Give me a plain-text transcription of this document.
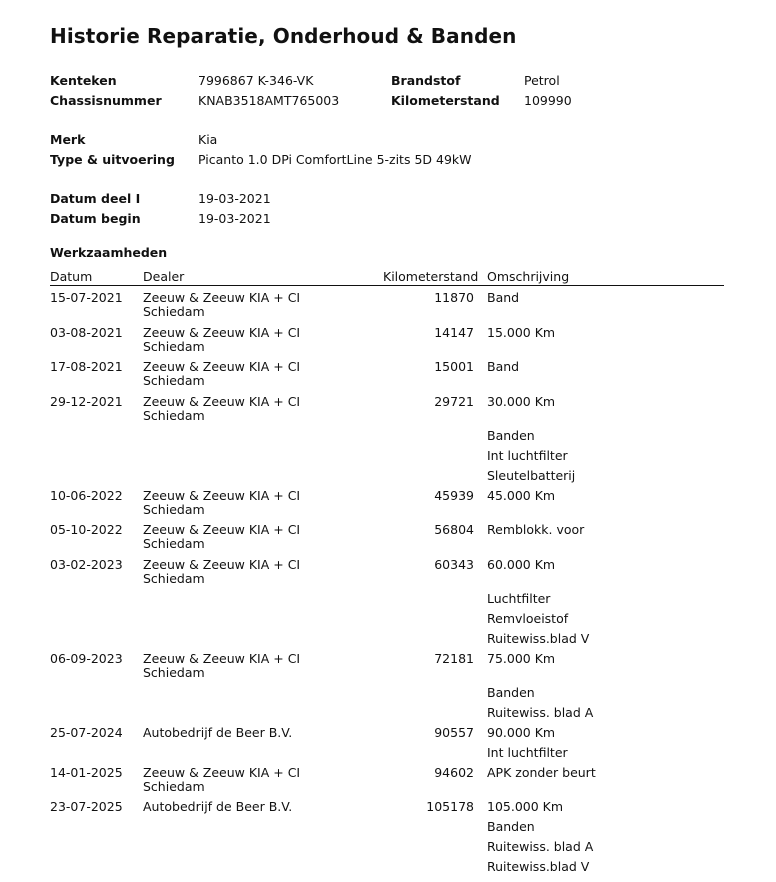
Historie Reparatie, Onderhoud & Banden
Kenteken	7996867 K-346-VK	Brandstof	Petrol
Chassisnummer	KNAB3518AMT765003	Kilometerstand 109990
Merk	Kia
Type & uitvoering Picanto 1.0 DPi ComfortLine 5-zits 5D 49kW
Datum deel I	19-03-2021
Datum begin	19-03-2021
Werkzaamheden
Datum	Dealer	Kilometerstand Omschrijving
15-07-2021 Zeeuw & Zeeuw KIA + CI
Schiedam
11870 Band
03-08-2021 Zeeuw & Zeeuw KIA + CI
Schiedam
14147 15.000 Km
17-08-2021 Zeeuw & Zeeuw KIA + CI
Schiedam
15001 Band
29-12-2021 Zeeuw & Zeeuw KIA + CI
Schiedam
29721 30.000 Km
Banden
Int luchtfilter
Sleutelbatterij
10-06-2022 Zeeuw & Zeeuw KIA + CI
Schiedam
45939 45.000 Km
05-10-2022 Zeeuw & Zeeuw KIA + CI
Schiedam
56804 Remblokk. voor
03-02-2023 Zeeuw & Zeeuw KIA + CI
Schiedam
60343 60.000 Km
Luchtfilter
Remvloeistof
Ruitewiss.blad V
06-09-2023 Zeeuw & Zeeuw KIA + CI
Schiedam
72181 75.000 Km
Banden
Ruitewiss. blad A
25-07-2024 Autobedrijf de Beer B.V.	90557 90.000 Km
Int luchtfilter
14-01-2025 Zeeuw & Zeeuw KIA + CI
Schiedam
94602 APK zonder beurt
23-07-2025 Autobedrijf de Beer B.V.	105178 105.000 Km
Banden
Ruitewiss. blad A
Ruitewiss.blad V
